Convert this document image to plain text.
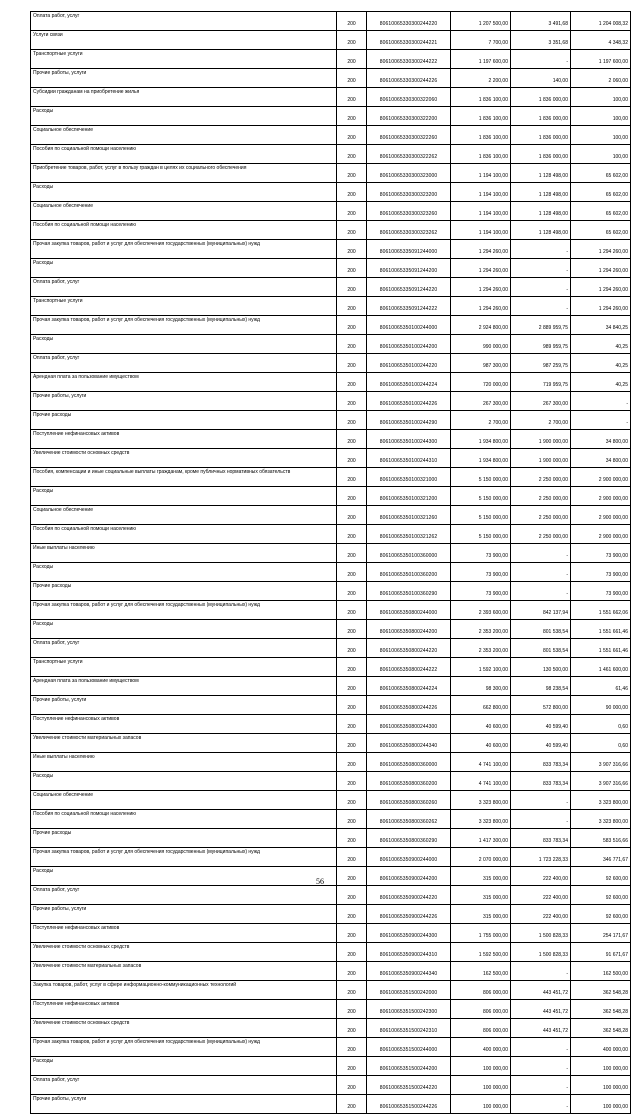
Оплата работ, услуг	200	80610065330300244220	1 207 500,00	3 491,68	1 204 008,32
Услуги связи	200	80610065330300244221	7 700,00	3 351,68	4 348,32
Транспортные услуги	200	80610065330300244222	1 197 600,00	-	1 197 600,00
Прочие работы, услуги	200	80610065330300244226	2 200,00	140,00	2 060,00
Субсидии гражданам на приобретение жилья	200	80610065330300322060	1 836 100,00	1 836 000,00	100,00
Расходы	200	80610065330300322200	1 836 100,00	1 836 000,00	100,00
Социальное обеспечение	200	80610065330300322260	1 836 100,00	1 836 000,00	100,00
Пособия по социальной помощи населению	200	80610065330300322262	1 836 100,00	1 836 000,00	100,00
Приобретение товаров, работ, услуг в пользу граждан в целях их социального обеспечения	200	80610065330300323000	1 194 100,00	1 128 498,00	65 602,00
Расходы	200	80610065330300323200	1 194 100,00	1 128 498,00	65 602,00
Социальное обеспечение	200	80610065330300323260	1 194 100,00	1 128 498,00	65 602,00
Пособия по социальной помощи населению	200	80610065330300323262	1 194 100,00	1 128 498,00	65 602,00
Прочая закупка товаров, работ и услуг для обеспечения государственных (муниципальных) нужд	200	80610065335091244000	1 294 260,00	-	1 294 260,00
Расходы	200	80610065335091244200	1 294 260,00	-	1 294 260,00
Оплата работ, услуг	200	80610065335091244220	1 294 260,00	-	1 294 260,00
Транспортные услуги	200	80610065335091244222	1 294 260,00	-	1 294 260,00
Прочая закупка товаров, работ и услуг для обеспечения государственных (муниципальных) нужд	200	80610065350100244000	2 924 800,00	2 889 959,75	34 840,25
Расходы	200	80610065350100244200	990 000,00	989 959,75	40,25
Оплата работ, услуг	200	80610065350100244220	987 300,00	987 259,75	40,25
Арендная плата за пользование имуществом	200	80610065350100244224	720 000,00	719 959,75	40,25
Прочие работы, услуги	200	80610065350100244226	267 300,00	267 300,00	-
Прочие расходы	200	80610065350100244290	2 700,00	2 700,00	-
Поступление нефинансовых активов	200	80610065350100244300	1 934 800,00	1 900 000,00	34 800,00
Увеличение стоимости основных средств	200	80610065350100244310	1 934 800,00	1 900 000,00	34 800,00
Пособия, компенсации и иные социальные выплаты гражданам, кроме публичных нормативных обязательств	200	80610065350100321000	5 150 000,00	2 250 000,00	2 900 000,00
Расходы	200	80610065350100321200	5 150 000,00	2 250 000,00	2 900 000,00
Социальное обеспечение	200	80610065350100321260	5 150 000,00	2 250 000,00	2 900 000,00
Пособия по социальной помощи населению	200	80610065350100321262	5 150 000,00	2 250 000,00	2 900 000,00
Иные выплаты населению	200	80610065350100360000	73 900,00	-	73 900,00
Расходы	200	80610065350100360200	73 900,00	-	73 900,00
Прочие расходы	200	80610065350100360290	73 900,00	-	73 900,00
Прочая закупка товаров, работ и услуг для обеспечения государственных (муниципальных) нужд	200	80610065350800244000	2 393 600,00	842 137,94	1 551 662,06
Расходы	200	80610065350800244200	2 353 200,00	801 538,54	1 551 661,46
Оплата работ, услуг	200	80610065350800244220	2 353 200,00	801 538,54	1 551 661,46
Транспортные услуги	200	80610065350800244222	1 592 100,00	130 500,00	1 461 600,00
Арендная плата за пользование имуществом	200	80610065350800244224	98 300,00	98 238,54	61,46
Прочие работы, услуги	200	80610065350800244226	662 800,00	572 800,00	90 000,00
Поступление нефинансовых активов	200	80610065350800244300	40 600,00	40 599,40	0,60
Увеличение стоимости материальных запасов	200	80610065350800244340	40 600,00	40 599,40	0,60
Иные выплаты населению	200	80610065350800360000	4 741 100,00	833 783,34	3 907 316,66
Расходы	200	80610065350800360200	4 741 100,00	833 783,34	3 907 316,66
Социальное обеспечение	200	80610065350800360260	3 323 800,00	-	3 323 800,00
Пособия по социальной помощи населению	200	80610065350800360262	3 323 800,00	-	3 323 800,00
Прочие расходы	200	80610065350800360290	1 417 300,00	833 783,34	583 516,66
Прочая закупка товаров, работ и услуг для обеспечения государственных (муниципальных) нужд	200	80610065350900244000	2 070 000,00	1 723 228,33	346 771,67
Расходы	200	80610065350900244200	315 000,00	222 400,00	92 600,00
Оплата работ, услуг	200	80610065350900244220	315 000,00	222 400,00	92 600,00
Прочие работы, услуги	200	80610065350900244226	315 000,00	222 400,00	92 600,00
Поступление нефинансовых активов	200	80610065350900244300	1 755 000,00	1 500 828,33	254 171,67
Увеличение стоимости основных средств	200	80610065350900244310	1 592 500,00	1 500 828,33	91 671,67
Увеличение стоимости материальных запасов	200	80610065350900244340	162 500,00	-	162 500,00
Закупка товаров, работ, услуг в сфере информационно-коммуникационных технологий	200	80610065351500242000	806 000,00	443 451,72	362 548,28
Поступление нефинансовых активов	200	80610065351500242300	806 000,00	443 451,72	362 548,28
Увеличение стоимости основных средств	200	80610065351500242310	806 000,00	443 451,72	362 548,28
Прочая закупка товаров, работ и услуг для обеспечения государственных (муниципальных) нужд	200	80610065351500244000	400 000,00	-	400 000,00
Расходы	200	80610065351500244200	100 000,00	-	100 000,00
Оплата работ, услуг	200	80610065351500244220	100 000,00	-	100 000,00
Прочие работы, услуги	200	80610065351500244226	100 000,00	-	100 000,00
56
